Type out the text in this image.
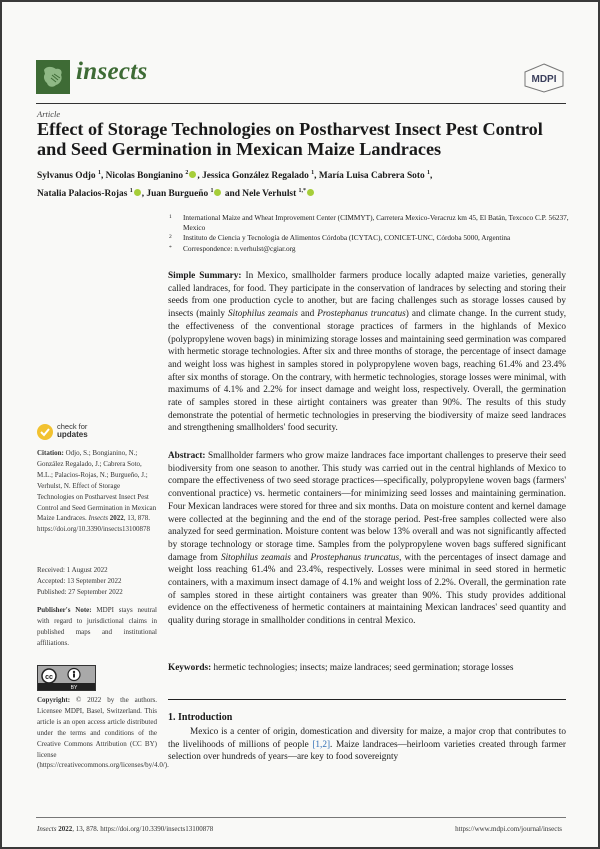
insects	MDPI
Article
Effect of Storage Technologies on Postharvest Insect Pest Control and Seed Germination in Mexican Maize Landraces
Sylvanus Odjo $^1$, Nicolas Bongianino $^2$ , Jessica González Regalado $^1$, María Luisa Cabrera Soto $^1$,
Natalia Palacios-Rojas $^1$ , Juan Burgueño $^1$ and Nele Verhulst $^{1,*}$
1 International Maize and Wheat Improvement Center (CIMMYT), Carretera Mexico-Veracruz km 45, El Batán, Texcoco C.P. 56237, Mexico
2 Instituto de Ciencia y Tecnología de Alimentos Córdoba (ICYTAC), CONICET-UNC, Córdoba 5000, Argentina
* Correspondence: n.verhulst@cgiar.org
Simple Summary: In Mexico, smallholder farmers produce locally adapted maize varieties, generally called landraces, for food. They participate in the conservation of landraces by selecting and storing their seeds from one production cycle to another, but are facing challenges such as storage losses caused by insects (mainly Sitophilus zeamais and Prostephanus truncatus) and climate change. In the current study, the effectiveness of the conventional storage practices of farmers in the highlands of Mexico (polypropylene woven bags) in minimizing storage losses and maintaining seed germination was compared with hermetic storage technologies. After six and three months of storage, the percentage of insect damage and weight loss was highest in samples stored in polypropylene woven bags, reaching 61.4% and 23.4% after six months of storage. On the contrary, with hermetic technologies, storage losses were minimal, with maximums of 4.1% and 2.2% for insect damage and weight loss, respectively. Overall, the germination rate of samples stored in these airtight containers was greater than 90%. The results of this study demonstrate the potential of hermetic technologies in preserving the biodiversity of maize seed landraces and strengthening smallholders' food security.
Abstract: Smallholder farmers who grow maize landraces face important challenges to preserve their seed biodiversity from one season to another. This study was carried out in the central highlands of Mexico to compare the effectiveness of two seed storage practices—specifically, polypropylene woven bags (farmers' conventional practice) vs. hermetic containers—for minimizing seed losses and maintaining germination. Four Mexican landraces were stored for three and six months. Data on moisture content and kernel damage were collected at the beginning and the end of the storage period. Pest-free samples collected were also analyzed for seed germination. Moisture content was below 13% overall and was not significantly affected by storage technology or storage time. Samples from the polypropylene woven bags suffered significant damage from Sitophilus zeamais and Prostephanus truncatus, with the percentages of insect damage and weight loss reaching 61.4% and 23.4%, respectively. Losses were minimal in seed stored in hermetic containers, with a maximum insect damage of 4.1% and weight loss of 2.2%. Overall, the germination rate of samples stored in these airtight containers was greater than 90%. This study provides additional evidence on the effectiveness of hermetic containers at maintaining Mexican landraces' seed quantity and quality during storage in smallholder conditions in central Mexico.
Keywords: hermetic technologies; insects; maize landraces; seed germination; storage losses
1. Introduction
Mexico is a center of origin, domestication and diversity for maize, a major crop that contributes to the livelihoods of millions of people [1,2]. Maize landraces—heirloom varieties created through farmer selection over hundreds of years—are key to food sovereignty
check for
updates
Citation: Odjo, S.; Bongianino, N.; González Regalado, J.; Cabrera Soto, M.L.; Palacios-Rojas, N.; Burgueño, J.; Verhulst, N. Effect of Storage Technologies on Postharvest Insect Pest Control and Seed Germination in Mexican Maize Landraces. Insects 2022, 13, 878. https://doi.org/10.3390/insects13100878
Received: 1 August 2022
Accepted: 13 September 2022
Published: 27 September 2022
Publisher's Note: MDPI stays neutral with regard to jurisdictional claims in published maps and institutional affiliations.
cc
BY
Copyright: © 2022 by the authors. Licensee MDPI, Basel, Switzerland. This article is an open access article distributed under the terms and conditions of the Creative Commons Attribution (CC BY) license (https://creativecommons.org/licenses/by/4.0/).
Insects 2022, 13, 878. https://doi.org/10.3390/insects13100878	https://www.mdpi.com/journal/insects
